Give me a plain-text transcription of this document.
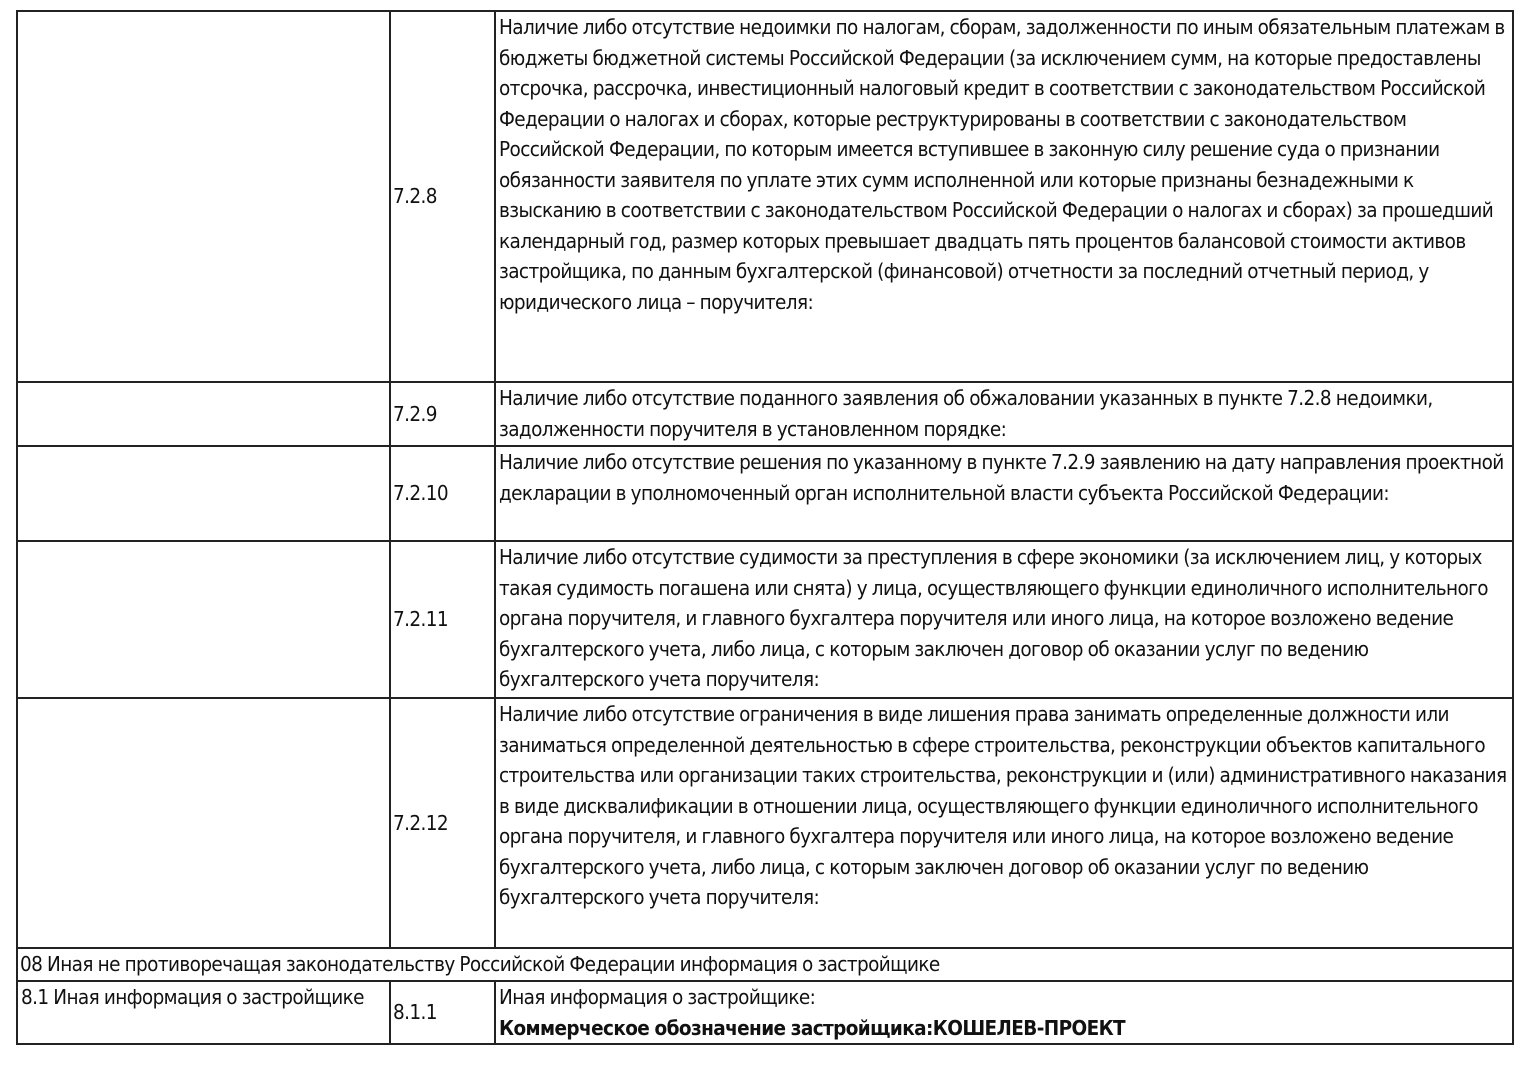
	7.2.8	Наличие либо отсутствие недоимки по налогам, сборам, задолженности по иным обязательным платежам в бюджеты бюджетной системы Российской Федерации (за исключением сумм, на которые предоставлены отсрочка, рассрочка, инвестиционный налоговый кредит в соответствии с законодательством Российской Федерации о налогах и сборах, которые реструктурированы в соответствии с законодательством Российской Федерации, по которым имеется вступившее в законную силу решение суда о признании обязанности заявителя по уплате этих сумм исполненной или которые признаны безнадежными к взысканию в соответствии с законодательством Российской Федерации о налогах и сборах) за прошедший календарный год, размер которых превышает двадцать пять процентов балансовой стоимости активов застройщика, по данным бухгалтерской (финансовой) отчетности за последний отчетный период, у юридического лица – поручителя:
	7.2.9	Наличие либо отсутствие поданного заявления об обжаловании указанных в пункте 7.2.8 недоимки, задолженности поручителя в установленном порядке:
	7.2.10	Наличие либо отсутствие решения по указанному в пункте 7.2.9 заявлению на дату направления проектной декларации в уполномоченный орган исполнительной власти субъекта Российской Федерации:
	7.2.11	Наличие либо отсутствие судимости за преступления в сфере экономики (за исключением лиц, у которых такая судимость погашена или снята) у лица, осуществляющего функции единоличного исполнительного органа поручителя, и главного бухгалтера поручителя или иного лица, на которое возложено ведение бухгалтерского учета, либо лица, с которым заключен договор об оказании услуг по ведению бухгалтерского учета поручителя:
	7.2.12	Наличие либо отсутствие ограничения в виде лишения права занимать определенные должности или заниматься определенной деятельностью в сфере строительства, реконструкции объектов капитального строительства или организации таких строительства, реконструкции и (или) административного наказания в виде дисквалификации в отношении лица, осуществляющего функции единоличного исполнительного органа поручителя, и главного бухгалтера поручителя или иного лица, на которое возложено ведение бухгалтерского учета, либо лица, с которым заключен договор об оказании услуг по ведению бухгалтерского учета поручителя:
08 Иная не противоречащая законодательству Российской Федерации информация о застройщике		
8.1 Иная информация о застройщике	8.1.1	Иная информация о застройщике:
Коммерческое обозначение застройщика:КОШЕЛЕВ-ПРОЕКТ
